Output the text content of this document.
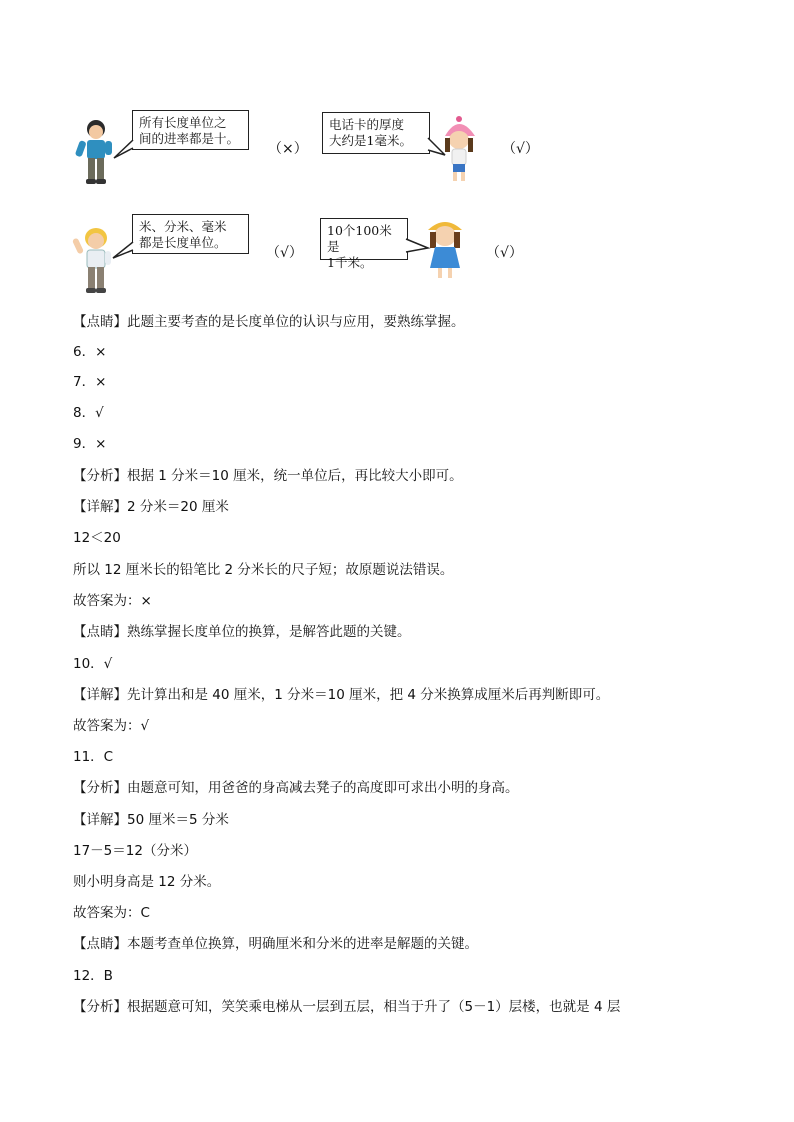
所有长度单位之
间的进率都是十。
（×）
电话卡的厚度
大约是1毫米。
（√）
米、分米、毫米
都是长度单位。
（√）
10个100米是
1千米。
（√）
【点睛】此题主要考查的是长度单位的认识与应用，要熟练掌握。
6．×
7．×
8．√
9．×
【分析】根据 1 分米＝10 厘米，统一单位后，再比较大小即可。
【详解】2 分米＝20 厘米
12＜20
所以 12 厘米长的铅笔比 2 分米长的尺子短；故原题说法错误。
故答案为：×
【点睛】熟练掌握长度单位的换算，是解答此题的关键。
10．√
【详解】先计算出和是 40 厘米，1 分米＝10 厘米，把 4 分米换算成厘米后再判断即可。
故答案为：√
11．C
【分析】由题意可知，用爸爸的身高减去凳子的高度即可求出小明的身高。
【详解】50 厘米＝5 分米
17－5＝12（分米）
则小明身高是 12 分米。
故答案为：C
【点睛】本题考查单位换算，明确厘米和分米的进率是解题的关键。
12．B
【分析】根据题意可知，笑笑乘电梯从一层到五层，相当于升了（5－1）层楼，也就是 4 层
